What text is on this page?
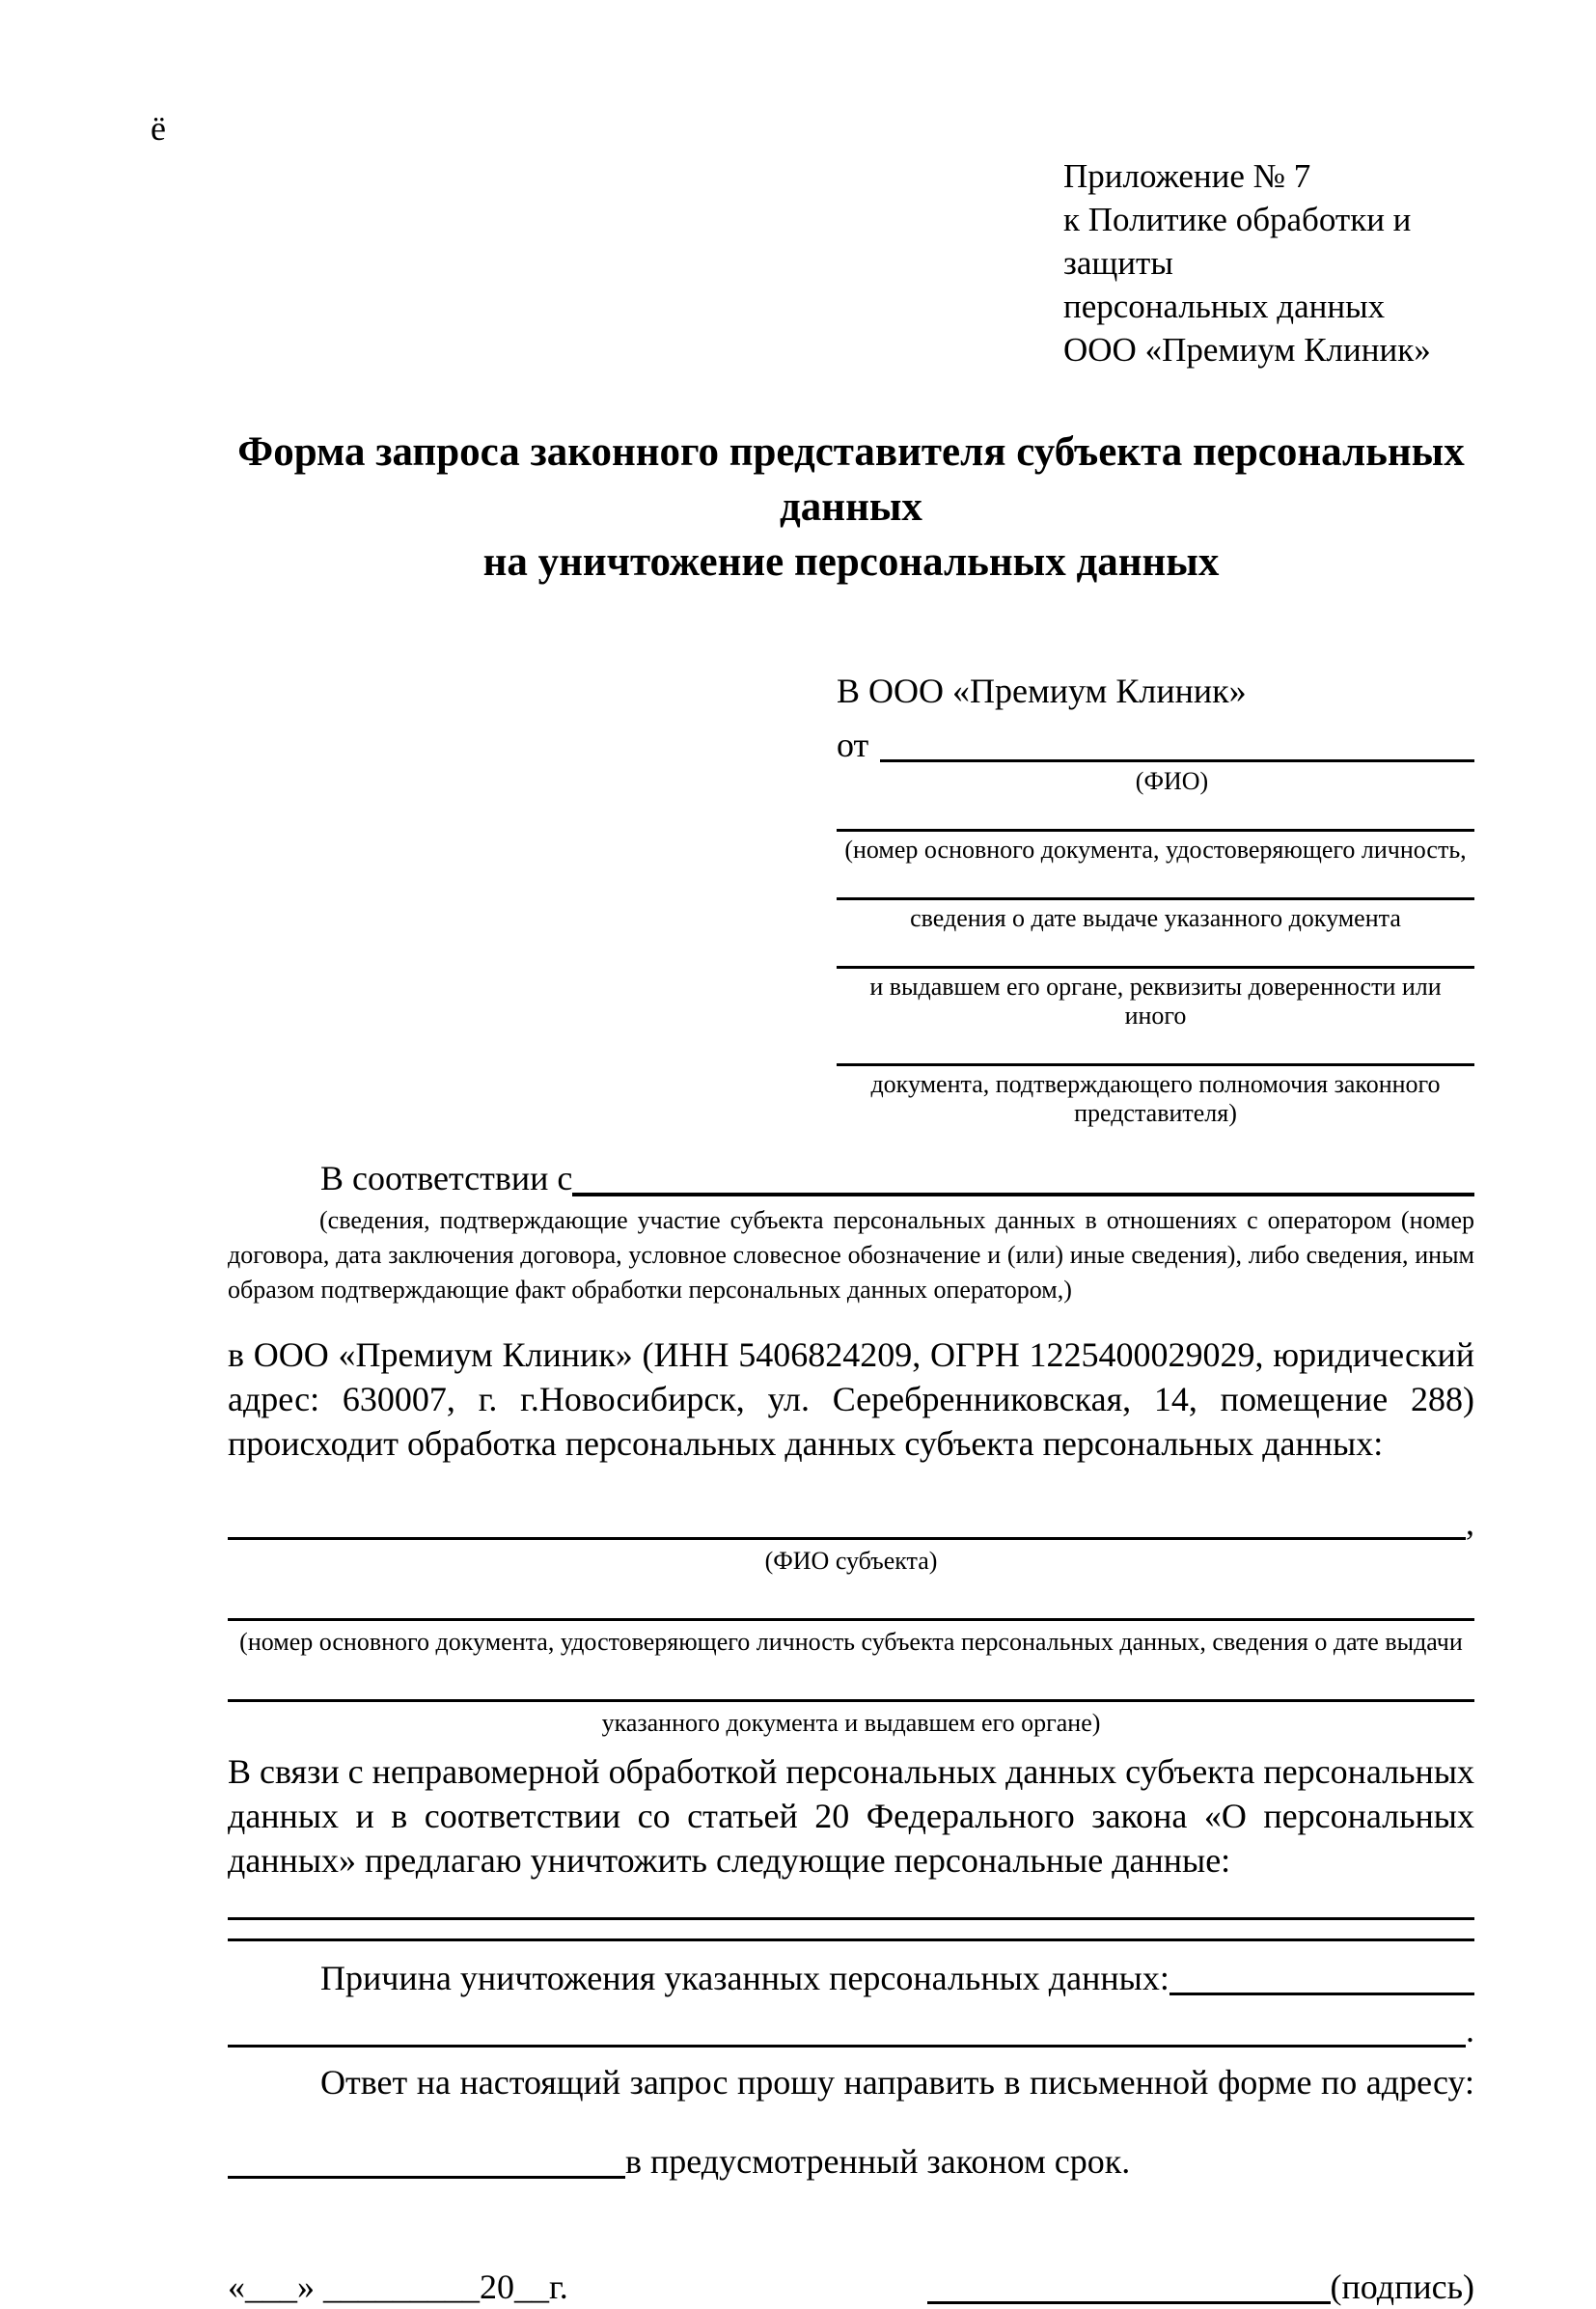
ё
Приложение № 7
к Политике обработки и защиты
персональных данных
ООО «Премиум Клиник»
Форма запроса законного представителя субъекта персональных данных
на уничтожение персональных данных
В ООО «Премиум Клиник»
от
(ФИО)
(номер основного документа, удостоверяющего личность,
сведения о дате выдаче указанного документа
и выдавшем его органе, реквизиты доверенности или иного
документа, подтверждающего полномочия законного представителя)
В соответствии с

(сведения, подтверждающие участие субъекта персональных данных в отношениях с оператором (номер договора, дата заключения договора, условное словесное обозначение и (или) иные сведения), либо сведения, иным образом подтверждающие факт обработки персональных данных оператором,)

в ООО «Премиум Клиник» (ИНН 5406824209, ОГРН 1225400029029, юридический адрес: 630007, г. г.Новосибирск, ул. Серебренниковская, 14, помещение 288) происходит обработка персональных данных субъекта персональных данных:

,
(ФИО субъекта)
(номер основного документа, удостоверяющего личность субъекта персональных данных, сведения о дате выдачи
указанного документа и выдавшем его органе)

В связи с неправомерной обработкой персональных данных субъекта персональных данных и в соответствии со статьей 20 Федерального закона «О персональных данных» предлагаю уничтожить следующие персональные данные:

Причина уничтожения указанных персональных данных:
.

Ответ на настоящий запрос прошу направить в письменной форме по адресу:

в предусмотренный законом срок.
«___» _________20__г.	(подпись)
